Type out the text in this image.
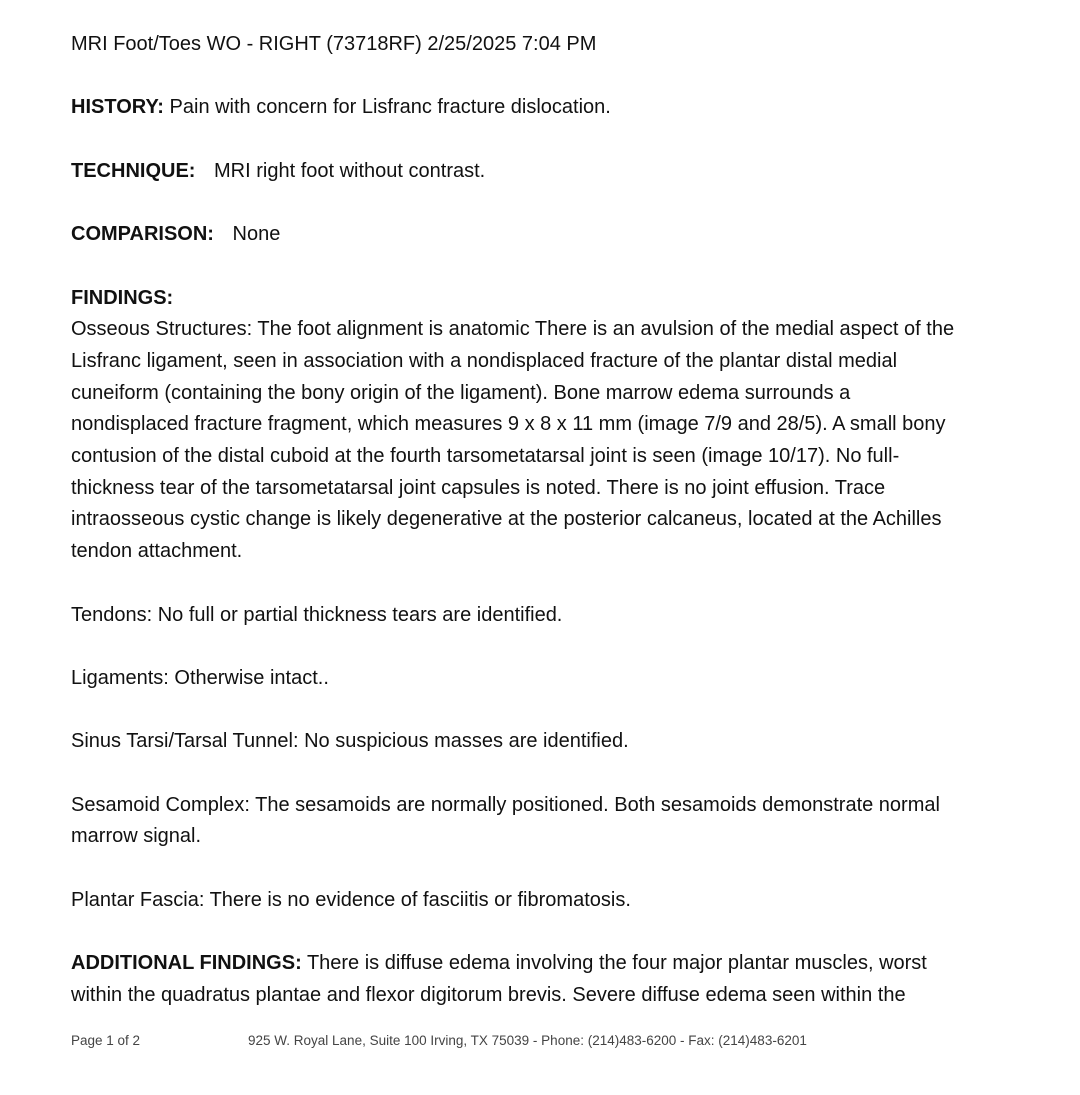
MRI Foot/Toes WO - RIGHT (73718RF) 2/25/2025 7:04 PM
HISTORY: Pain with concern for Lisfranc fracture dislocation.
TECHNIQUE: MRI right foot without contrast.
COMPARISON: None
FINDINGS:
Osseous Structures: The foot alignment is anatomic There is an avulsion of the medial aspect of the
Lisfranc ligament, seen in association with a nondisplaced fracture of the plantar distal medial
cuneiform (containing the bony origin of the ligament). Bone marrow edema surrounds a
nondisplaced fracture fragment, which measures 9 x 8 x 11 mm (image 7/9 and 28/5). A small bony
contusion of the distal cuboid at the fourth tarsometatarsal joint is seen (image 10/17). No full-
thickness tear of the tarsometatarsal joint capsules is noted. There is no joint effusion. Trace
intraosseous cystic change is likely degenerative at the posterior calcaneus, located at the Achilles
tendon attachment.
Tendons: No full or partial thickness tears are identified.
Ligaments: Otherwise intact..
Sinus Tarsi/Tarsal Tunnel: No suspicious masses are identified.
Sesamoid Complex: The sesamoids are normally positioned. Both sesamoids demonstrate normal
marrow signal.
Plantar Fascia: There is no evidence of fasciitis or fibromatosis.
ADDITIONAL FINDINGS: There is diffuse edema involving the four major plantar muscles, worst
within the quadratus plantae and flexor digitorum brevis. Severe diffuse edema seen within the
Page 1 of 2	925 W. Royal Lane, Suite 100 Irving, TX 75039 - Phone: (214)483-6200 - Fax: (214)483-6201
